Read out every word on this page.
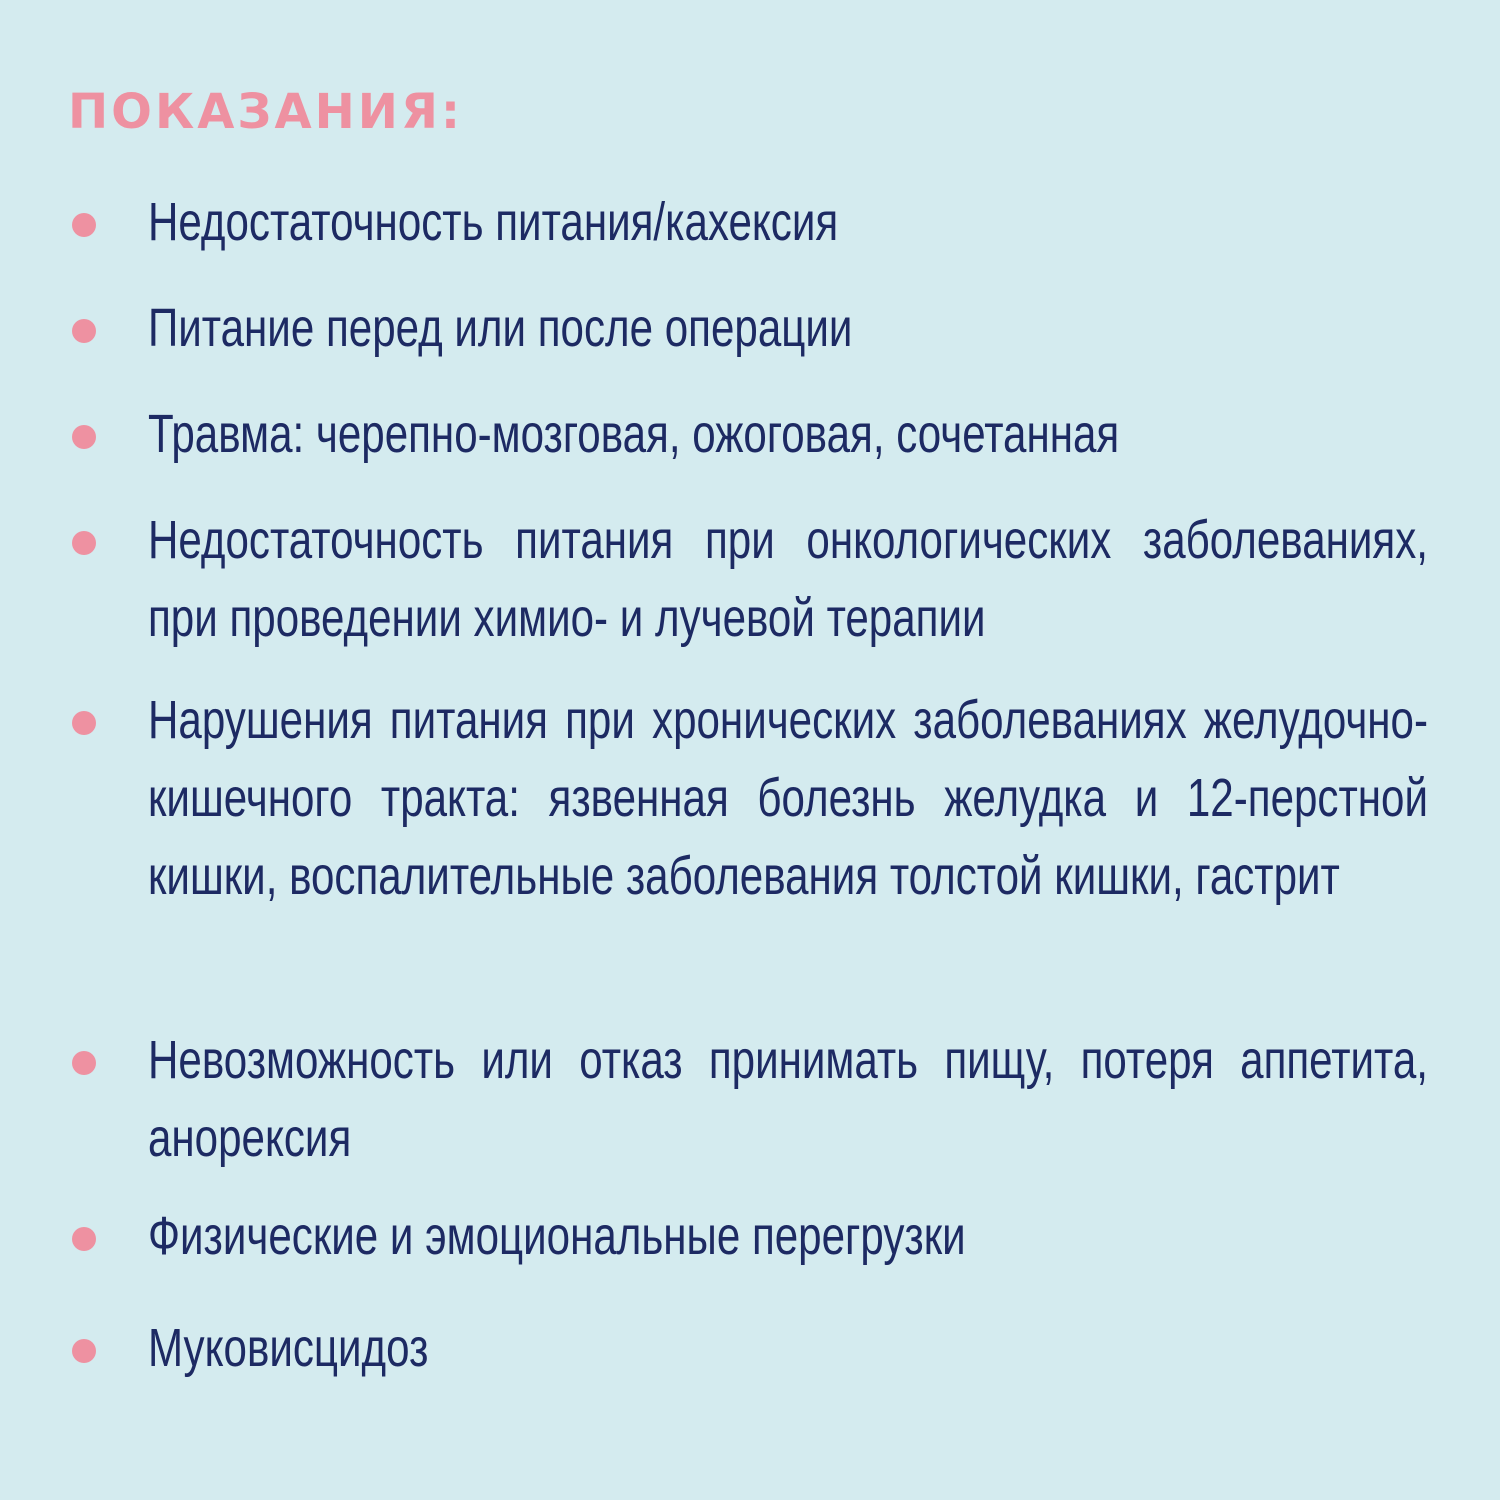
ПОКАЗАНИЯ:
Недостаточность питания/кахексия
Питание перед или после операции
Травма: черепно-мозговая, ожоговая, сочетанная
Недостаточность питания при онкологических заболеваниях, при проведении химио- и лучевой терапии
Нарушения питания при хронических заболеваниях желудочно- кишечного тракта: язвенная болезнь желудка и 12-перстной кишки, воспалительные заболевания толстой кишки, гастрит
Невозможность или отказ принимать пищу, потеря аппетита, анорексия
Физические и эмоциональные перегрузки
Муковисцидоз
